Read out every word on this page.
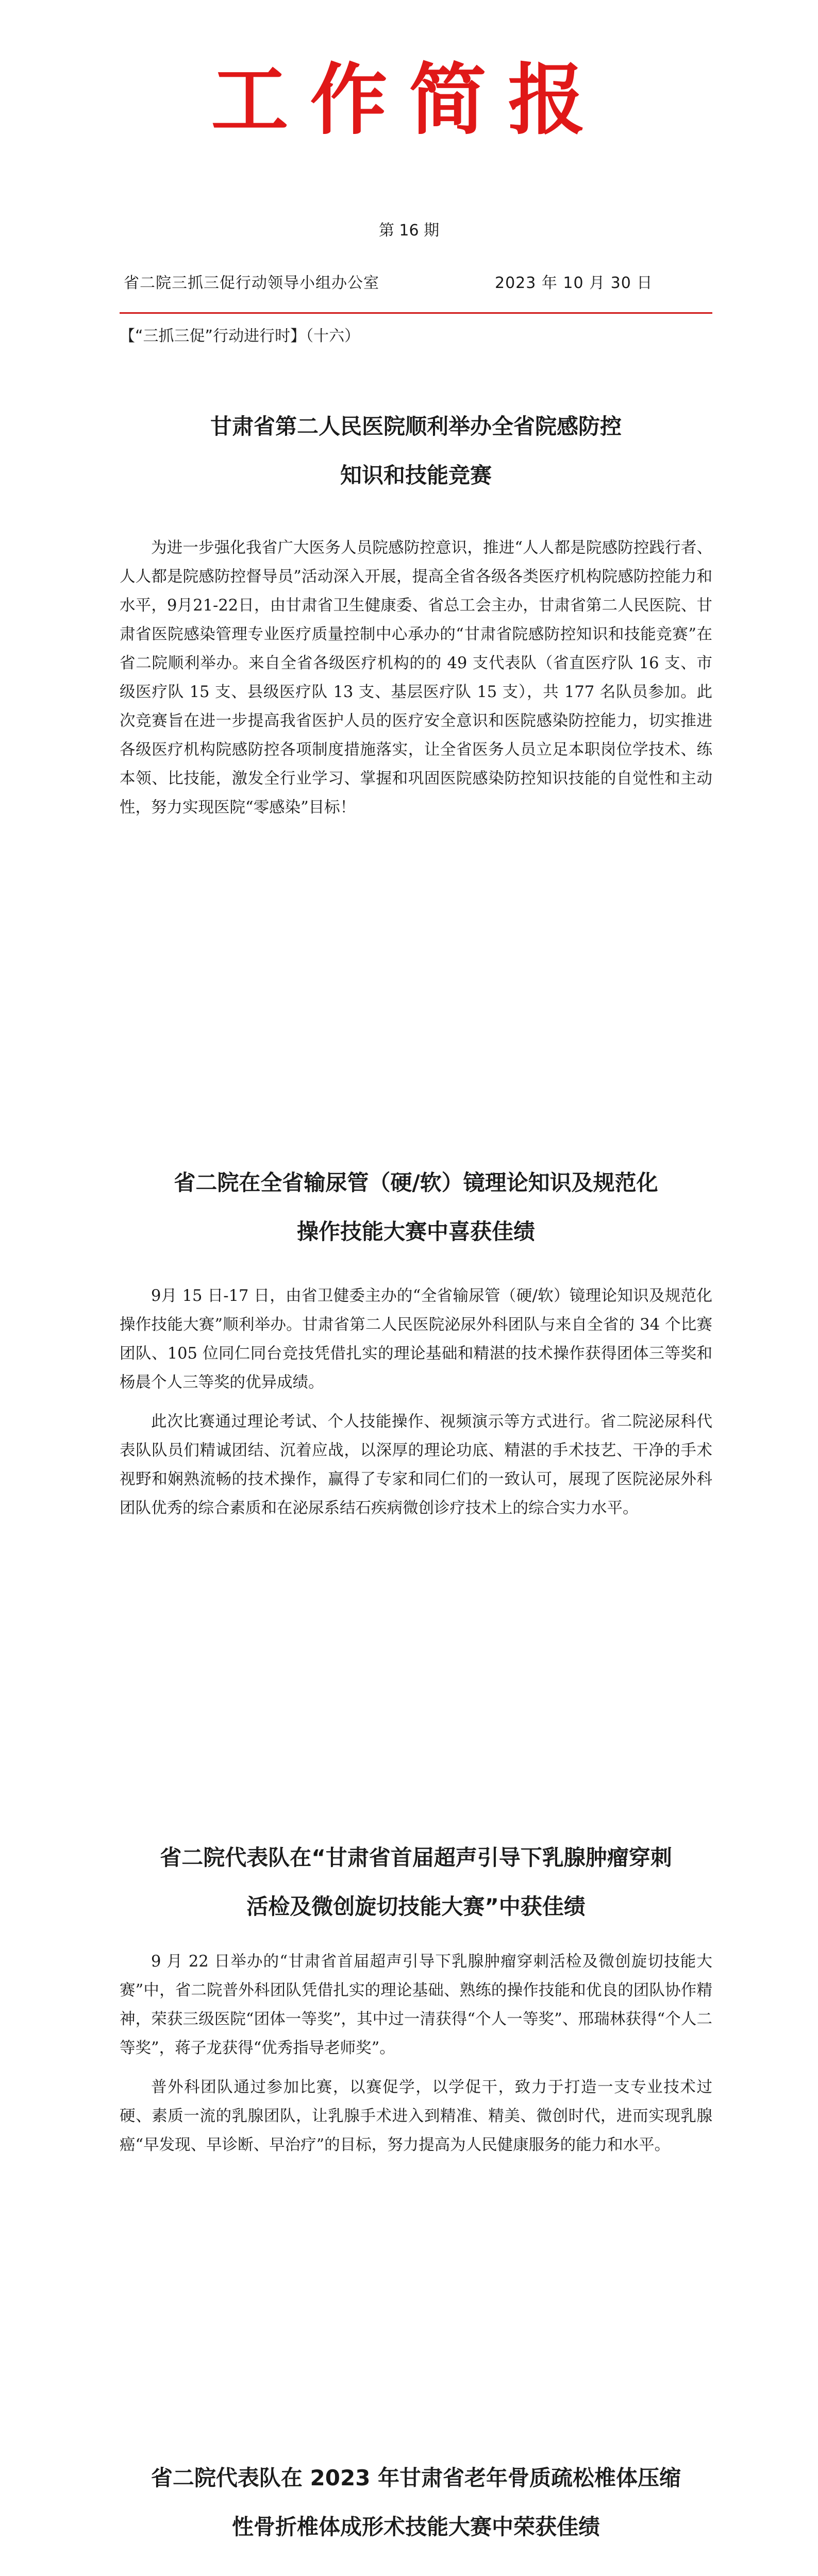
工作简报
第 16 期
省二院三抓三促行动领导小组办公室	2023 年 10 月 30 日
【“三抓三促”行动进行时】（十六）
甘肃省第二人民医院顺利举办全省院感防控
知识和技能竞赛

为进一步强化我省广大医务人员院感防控意识，推进“人人都是院感防控践行者、人人都是院感防控督导员”活动深入开展，提高全省各级各类医疗机构院感防控能力和水平，9月21-22日，由甘肃省卫生健康委、省总工会主办，甘肃省第二人民医院、甘肃省医院感染管理专业医疗质量控制中心承办的“甘肃省院感防控知识和技能竞赛”在省二院顺利举办。来自全省各级医疗机构的的 49 支代表队（省直医疗队 16 支、市级医疗队 15 支、县级医疗队 13 支、基层医疗队 15 支），共 177 名队员参加。此次竞赛旨在进一步提高我省医护人员的医疗安全意识和医院感染防控能力，切实推进各级医疗机构院感防控各项制度措施落实，让全省医务人员立足本职岗位学技术、练本领、比技能，激发全行业学习、掌握和巩固医院感染防控知识技能的自觉性和主动性，努力实现医院“零感染”目标！

省二院在全省输尿管（硬/软）镜理论知识及规范化
操作技能大赛中喜获佳绩

9月 15 日-17 日，由省卫健委主办的“全省输尿管（硬/软）镜理论知识及规范化操作技能大赛”顺利举办。甘肃省第二人民医院泌尿外科团队与来自全省的 34 个比赛团队、105 位同仁同台竞技凭借扎实的理论基础和精湛的技术操作获得团体三等奖和杨晨个人三等奖的优异成绩。

此次比赛通过理论考试、个人技能操作、视频演示等方式进行。省二院泌尿科代表队队员们精诚团结、沉着应战，以深厚的理论功底、精湛的手术技艺、干净的手术视野和娴熟流畅的技术操作，赢得了专家和同仁们的一致认可，展现了医院泌尿外科团队优秀的综合素质和在泌尿系结石疾病微创诊疗技术上的综合实力水平。

省二院代表队在“甘肃省首届超声引导下乳腺肿瘤穿刺
活检及微创旋切技能大赛”中获佳绩

9 月 22 日举办的“甘肃省首届超声引导下乳腺肿瘤穿刺活检及微创旋切技能大赛”中，省二院普外科团队凭借扎实的理论基础、熟练的操作技能和优良的团队协作精神，荣获三级医院“团体一等奖”，其中过一清获得“个人一等奖”、邢瑞林获得“个人二等奖”，蒋子龙获得“优秀指导老师奖”。

普外科团队通过参加比赛，以赛促学，以学促干，致力于打造一支专业技术过硬、素质一流的乳腺团队，让乳腺手术进入到精准、精美、微创时代，进而实现乳腺癌“早发现、早诊断、早治疗”的目标，努力提高为人民健康服务的能力和水平。

省二院代表队在 2023 年甘肃省老年骨质疏松椎体压缩
性骨折椎体成形术技能大赛中荣获佳绩
